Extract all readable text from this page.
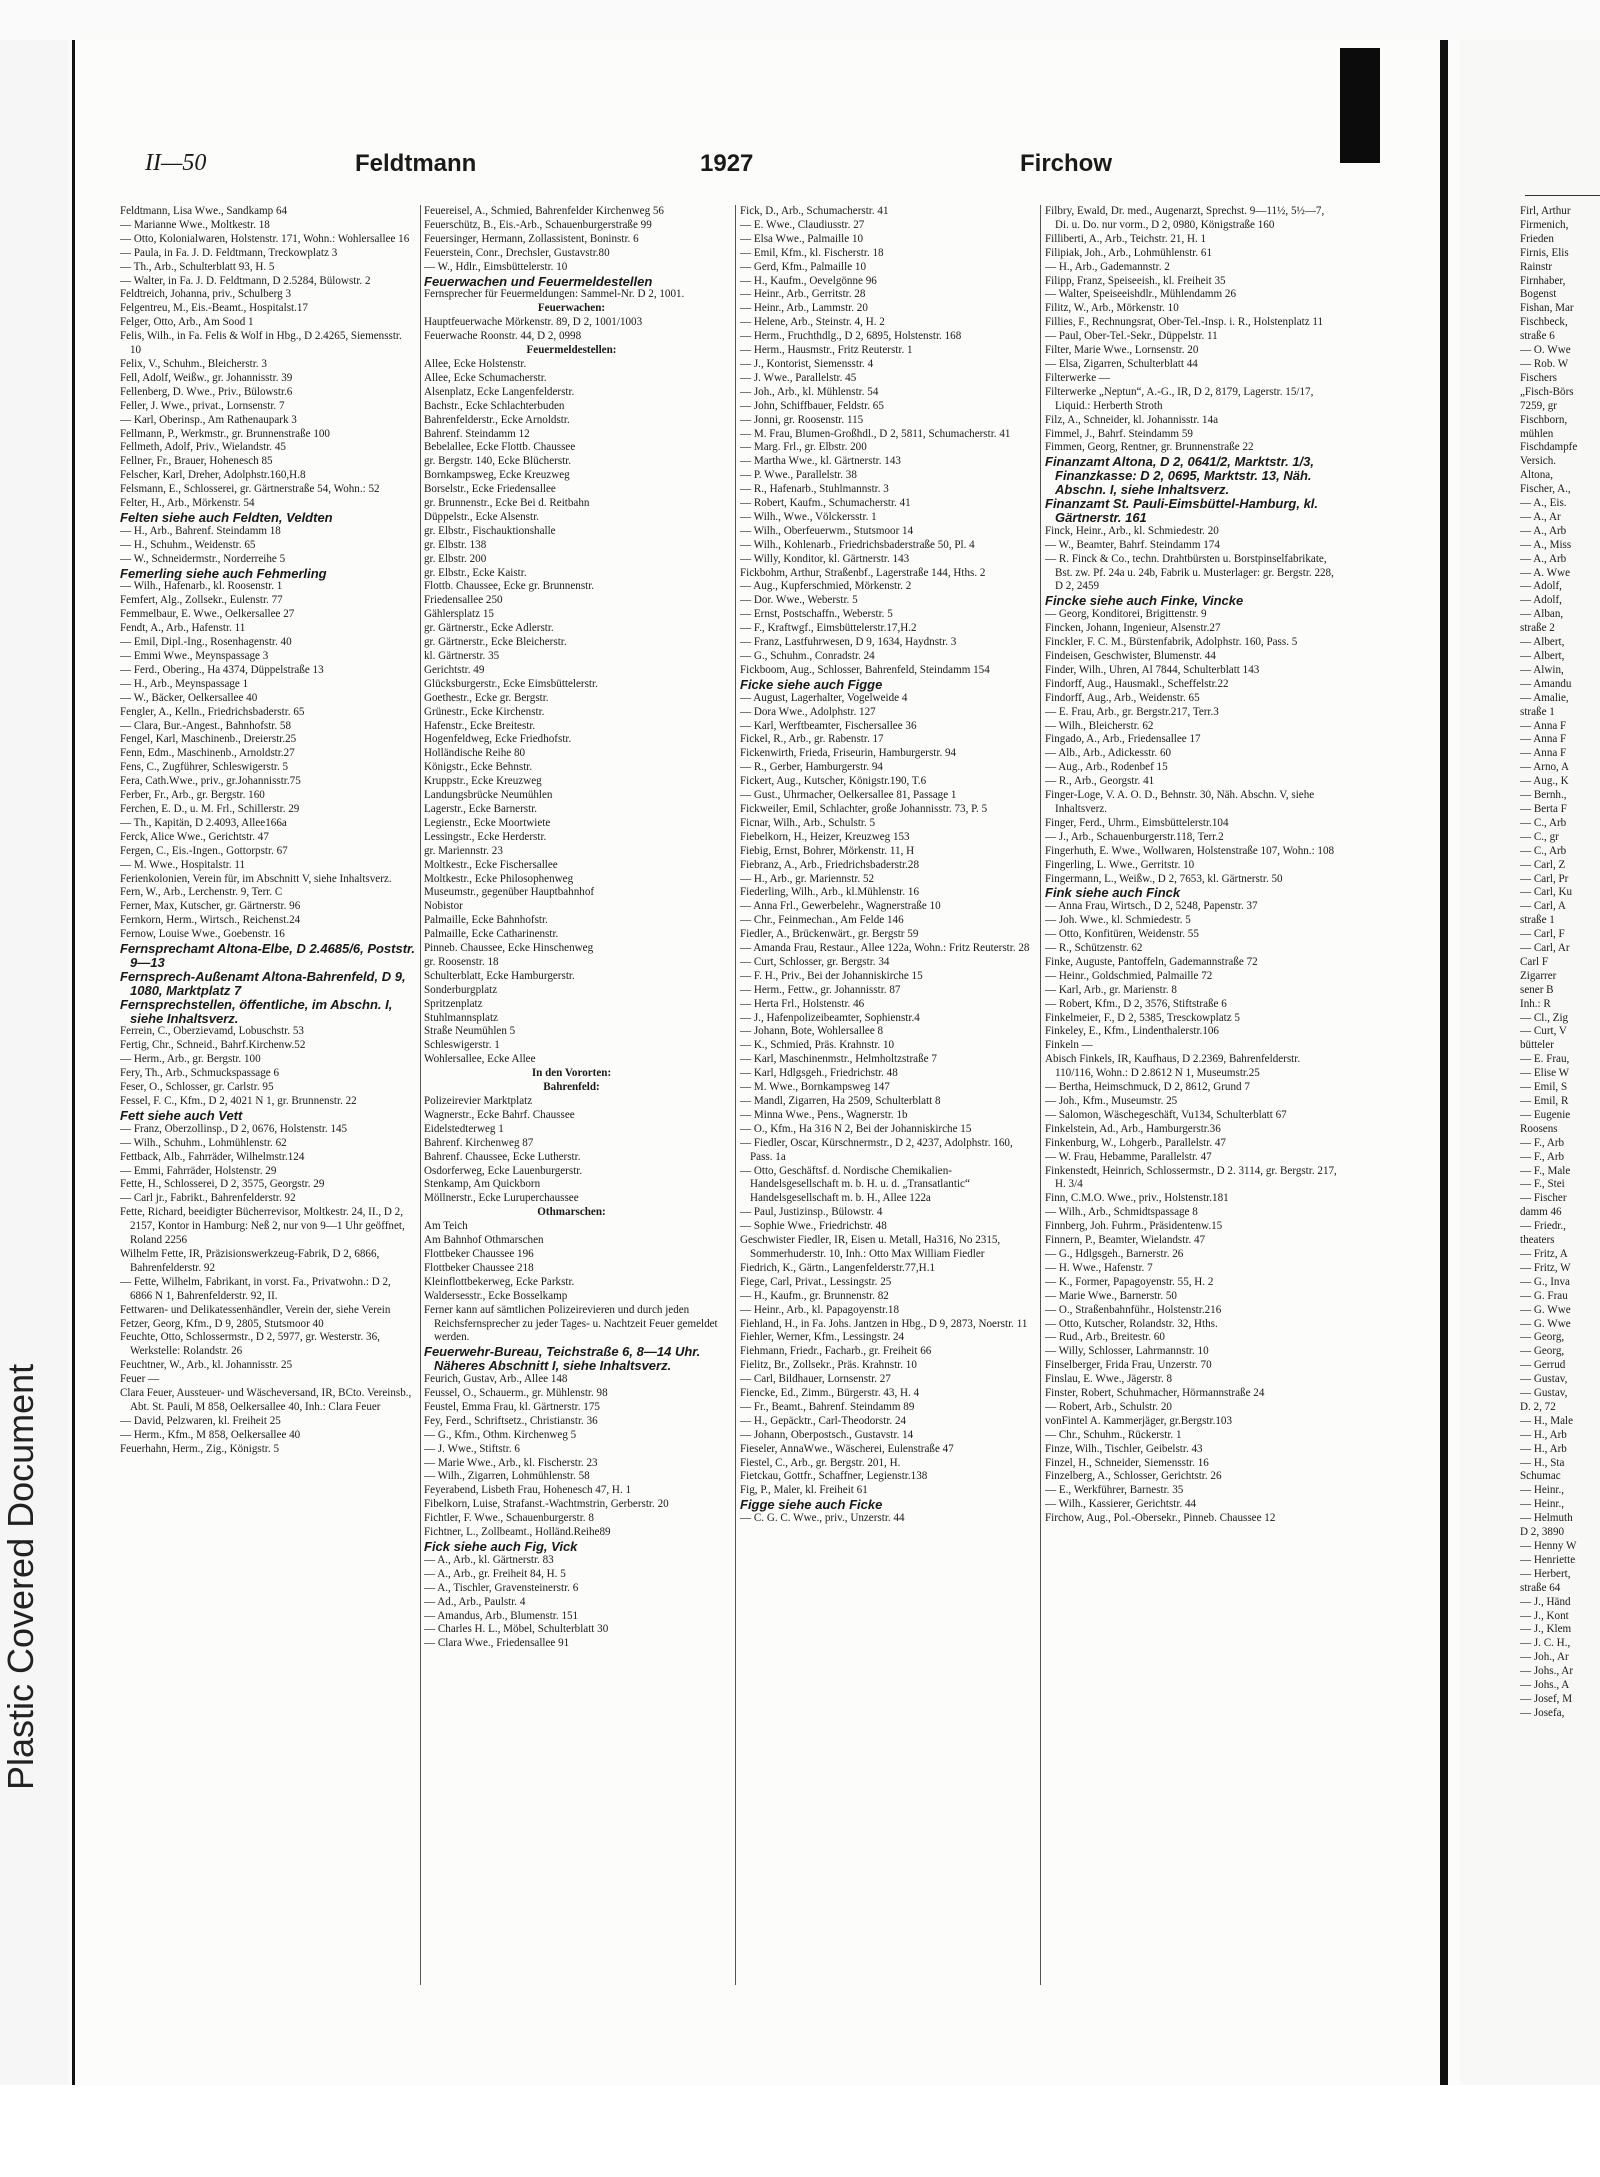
Plastic Covered Document
II—50	Feldtmann	1927	Firchow
Feldtmann, Lisa Wwe., Sandkamp 64
— Marianne Wwe., Moltkestr. 18
— Otto, Kolonialwaren, Holstenstr. 171, Wohn.: Wohlersallee 16
— Paula, in Fa. J. D. Feldtmann, Treckowplatz 3
— Th., Arb., Schulterblatt 93, H. 5
— Walter, in Fa. J. D. Feldtmann, D 2.5284, Bülowstr. 2
Feldtreich, Johanna, priv., Schulberg 3
Felgentreu, M., Eis.-Beamt., Hospitalst.17
Felger, Otto, Arb., Am Sood 1
Felis, Wilh., in Fa. Felis & Wolf in Hbg., D 2.4265, Siemensstr. 10
Felix, V., Schuhm., Bleicherstr. 3
Fell, Adolf, Weißw., gr. Johannisstr. 39
Fellenberg, D. Wwe., Priv., Bülowstr.6
Feller, J. Wwe., privat., Lornsenstr. 7
— Karl, Oberinsp., Am Rathenaupark 3
Fellmann, P., Werkmstr., gr. Brunnenstraße 100
Fellmeth, Adolf, Priv., Wielandstr. 45
Fellner, Fr., Brauer, Hohenesch 85
Felscher, Karl, Dreher, Adolphstr.160,H.8
Felsmann, E., Schlosserei, gr. Gärtnerstraße 54, Wohn.: 52
Felter, H., Arb., Mörkenstr. 54
Felten siehe auch Feldten, Veldten
— H., Arb., Bahrenf. Steindamm 18
— H., Schuhm., Weidenstr. 65
— W., Schneidermstr., Norderreihe 5
Femerling siehe auch Fehmerling
— Wilh., Hafenarb., kl. Roosenstr. 1
Femfert, Alg., Zollsekr., Eulenstr. 77
Femmelbaur, E. Wwe., Oelkersallee 27
Fendt, A., Arb., Hafenstr. 11
— Emil, Dipl.-Ing., Rosenhagenstr. 40
— Emmi Wwe., Meynspassage 3
— Ferd., Obering., Ha 4374, Düppelstraße 13
— H., Arb., Meynspassage 1
— W., Bäcker, Oelkersallee 40
Fengler, A., Kelln., Friedrichsbaderstr. 65
— Clara, Bur.-Angest., Bahnhofstr. 58
Fengel, Karl, Maschinenb., Dreierstr.25
Fenn, Edm., Maschinenb., Arnoldstr.27
Fens, C., Zugführer, Schleswigerstr. 5
Fera, Cath.Wwe., priv., gr.Johannisstr.75
Ferber, Fr., Arb., gr. Bergstr. 160
Ferchen, E. D., u. M. Frl., Schillerstr. 29
— Th., Kapitän, D 2.4093, Allee166a
Ferck, Alice Wwe., Gerichtstr. 47
Fergen, C., Eis.-Ingen., Gottorpstr. 67
— M. Wwe., Hospitalstr. 11
Ferienkolonien, Verein für, im Abschnitt V, siehe Inhaltsverz.
Fern, W., Arb., Lerchenstr. 9, Terr. C
Ferner, Max, Kutscher, gr. Gärtnerstr. 96
Fernkorn, Herm., Wirtsch., Reichenst.24
Fernow, Louise Wwe., Goebenstr. 16
Fernsprechamt Altona-Elbe, D 2.4685/6, Poststr. 9—13
Fernsprech-Außenamt Altona-Bahrenfeld, D 9, 1080, Marktplatz 7
Fernsprechstellen, öffentliche, im Abschn. I, siehe Inhaltsverz.
Ferrein, C., Oberzievamd, Lobuschstr. 53
Fertig, Chr., Schneid., Bahrf.Kirchenw.52
— Herm., Arb., gr. Bergstr. 100
Fery, Th., Arb., Schmuckspassage 6
Feser, O., Schlosser, gr. Carlstr. 95
Fessel, F. C., Kfm., D 2, 4021 N 1, gr. Brunnenstr. 22
Fett siehe auch Vett
— Franz, Oberzollinsp., D 2, 0676, Holstenstr. 145
— Wilh., Schuhm., Lohmühlenstr. 62
Fettback, Alb., Fahrräder, Wilhelmstr.124
— Emmi, Fahrräder, Holstenstr. 29
Fette, H., Schlosserei, D 2, 3575, Georgstr. 29
— Carl jr., Fabrikt., Bahrenfelderstr. 92
Fette, Richard, beeidigter Bücherrevisor, Moltkestr. 24, II., D 2, 2157, Kontor in Hamburg: Neß 2, nur von 9—1 Uhr geöffnet, Roland 2256
Wilhelm Fette, IR, Präzisionswerkzeug-Fabrik, D 2, 6866, Bahrenfelderstr. 92
— Fette, Wilhelm, Fabrikant, in vorst. Fa., Privatwohn.: D 2, 6866 N 1, Bahrenfelderstr. 92, II.
Fettwaren- und Delikatessenhändler, Verein der, siehe Verein
Fetzer, Georg, Kfm., D 9, 2805, Stutsmoor 40
Feuchte, Otto, Schlossermstr., D 2, 5977, gr. Westerstr. 36, Werkstelle: Rolandstr. 26
Feuchtner, W., Arb., kl. Johannisstr. 25
Feuer —
Clara Feuer, Aussteuer- und Wäscheversand, IR, BCto. Vereinsb., Abt. St. Pauli, M 858, Oelkersallee 40, Inh.: Clara Feuer
— David, Pelzwaren, kl. Freiheit 25
— Herm., Kfm., M 858, Oelkersallee 40
Feuerhahn, Herm., Zig., Königstr. 5
Feuereisel, A., Schmied, Bahrenfelder Kirchenweg 56
Feuerschütz, B., Eis.-Arb., Schauenburgerstraße 99
Feuersinger, Hermann, Zollassistent, Boninstr. 6
Feuerstein, Conr., Drechsler, Gustavstr.80
— W., Hdlr., Eimsbüttelerstr. 10
Feuerwachen und Feuermeldestellen
Fernsprecher für Feuermeldungen: Sammel-Nr. D 2, 1001.
Feuerwachen:
Hauptfeuerwache Mörkenstr. 89, D 2, 1001/1003
Feuerwache Roonstr. 44, D 2, 0998
Feuermeldestellen:
Allee, Ecke Holstenstr.
Allee, Ecke Schumacherstr.
Alsenplatz, Ecke Langenfelderstr.
Bachstr., Ecke Schlachterbuden
Bahrenfelderstr., Ecke Arnoldstr.
Bahrenf. Steindamm 12
Bebelallee, Ecke Flottb. Chaussee
gr. Bergstr. 140, Ecke Blücherstr.
Bornkampsweg, Ecke Kreuzweg
Borselstr., Ecke Friedensallee
gr. Brunnenstr., Ecke Bei d. Reitbahn
Düppelstr., Ecke Alsenstr.
gr. Elbstr., Fischauktionshalle
gr. Elbstr. 138
gr. Elbstr. 200
gr. Elbstr., Ecke Kaistr.
Flottb. Chaussee, Ecke gr. Brunnenstr.
Friedensallee 250
Gählersplatz 15
gr. Gärtnerstr., Ecke Adlerstr.
gr. Gärtnerstr., Ecke Bleicherstr.
kl. Gärtnerstr. 35
Gerichtstr. 49
Glücksburgerstr., Ecke Eimsbüttelerstr.
Goethestr., Ecke gr. Bergstr.
Grünestr., Ecke Kirchenstr.
Hafenstr., Ecke Breitestr.
Hogenfeldweg, Ecke Friedhofstr.
Holländische Reihe 80
Königstr., Ecke Behnstr.
Kruppstr., Ecke Kreuzweg
Landungsbrücke Neumühlen
Lagerstr., Ecke Barnerstr.
Legienstr., Ecke Moortwiete
Lessingstr., Ecke Herderstr.
gr. Mariennstr. 23
Moltkestr., Ecke Fischersallee
Moltkestr., Ecke Philosophenweg
Museumstr., gegenüber Hauptbahnhof
Nobistor
Palmaille, Ecke Bahnhofstr.
Palmaille, Ecke Catharinenstr.
Pinneb. Chaussee, Ecke Hinschenweg
gr. Roosenstr. 18
Schulterblatt, Ecke Hamburgerstr.
Sonderburgplatz
Spritzenplatz
Stuhlmannsplatz
Straße Neumühlen 5
Schleswigerstr. 1
Wohlersallee, Ecke Allee
In den Vororten:
Bahrenfeld:
Polizeirevier Marktplatz
Wagnerstr., Ecke Bahrf. Chaussee
Eidelstedterweg 1
Bahrenf. Kirchenweg 87
Bahrenf. Chaussee, Ecke Lutherstr.
Osdorferweg, Ecke Lauenburgerstr.
Stenkamp, Am Quickborn
Möllnerstr., Ecke Luruperchaussee
Othmarschen:
Am Teich
Am Bahnhof Othmarschen
Flottbeker Chaussee 196
Flottbeker Chaussee 218
Kleinflottbekerweg, Ecke Parkstr.
Waldersesstr., Ecke Bosselkamp
Ferner kann auf sämtlichen Polizeirevieren und durch jeden Reichsfernsprecher zu jeder Tages- u. Nachtzeit Feuer gemeldet werden.
Feuerwehr-Bureau, Teichstraße 6, 8—14 Uhr. Näheres Abschnitt I, siehe Inhaltsverz.
Feurich, Gustav, Arb., Allee 148
Feussel, O., Schauerm., gr. Mühlenstr. 98
Feustel, Emma Frau, kl. Gärtnerstr. 175
Fey, Ferd., Schriftsetz., Christianstr. 36
— G., Kfm., Othm. Kirchenweg 5
— J. Wwe., Stiftstr. 6
— Marie Wwe., Arb., kl. Fischerstr. 23
— Wilh., Zigarren, Lohmühlenstr. 58
Feyerabend, Lisbeth Frau, Hohenesch 47, H. 1
Fibelkorn, Luise, Strafanst.-Wachtmstrin, Gerberstr. 20
Fichtler, F. Wwe., Schauenburgerstr. 8
Fichtner, L., Zollbeamt., Holländ.Reihe89
Fick siehe auch Fig, Vick
— A., Arb., kl. Gärtnerstr. 83
— A., Arb., gr. Freiheit 84, H. 5
— A., Tischler, Gravensteinerstr. 6
— Ad., Arb., Paulstr. 4
— Amandus, Arb., Blumenstr. 151
— Charles H. L., Möbel, Schulterblatt 30
— Clara Wwe., Friedensallee 91
Fick, D., Arb., Schumacherstr. 41
— E. Wwe., Claudiusstr. 27
— Elsa Wwe., Palmaille 10
— Emil, Kfm., kl. Fischerstr. 18
— Gerd, Kfm., Palmaille 10
— H., Kaufm., Oevelgönne 96
— Heinr., Arb., Gerritstr. 28
— Heinr., Arb., Lammstr. 20
— Helene, Arb., Steinstr. 4, H. 2
— Herm., Fruchthdlg., D 2, 6895, Holstenstr. 168
— Herm., Hausmstr., Fritz Reuterstr. 1
— J., Kontorist, Siemensstr. 4
— J. Wwe., Parallelstr. 45
— Joh., Arb., kl. Mühlenstr. 54
— John, Schiffbauer, Feldstr. 65
— Jonni, gr. Roosenstr. 115
— M. Frau, Blumen-Großhdl., D 2, 5811, Schumacherstr. 41
— Marg. Frl., gr. Elbstr. 200
— Martha Wwe., kl. Gärtnerstr. 143
— P. Wwe., Parallelstr. 38
— R., Hafenarb., Stuhlmannstr. 3
— Robert, Kaufm., Schumacherstr. 41
— Wilh., Wwe., Völckersstr. 1
— Wilh., Oberfeuerwm., Stutsmoor 14
— Wilh., Kohlenarb., Friedrichsbaderstraße 50, Pl. 4
— Willy, Konditor, kl. Gärtnerstr. 143
Fickbohm, Arthur, Straßenbf., Lagerstraße 144, Hths. 2
— Aug., Kupferschmied, Mörkenstr. 2
— Dor. Wwe., Weberstr. 5
— Ernst, Postschaffn., Weberstr. 5
— F., Kraftwgf., Eimsbüttelerstr.17,H.2
— Franz, Lastfuhrwesen, D 9, 1634, Haydnstr. 3
— G., Schuhm., Conradstr. 24
Fickboom, Aug., Schlosser, Bahrenfeld, Steindamm 154
Ficke siehe auch Figge
— August, Lagerhalter, Vogelweide 4
— Dora Wwe., Adolphstr. 127
— Karl, Werftbeamter, Fischersallee 36
Fickel, R., Arb., gr. Rabenstr. 17
Fickenwirth, Frieda, Friseurin, Hamburgerstr. 94
— R., Gerber, Hamburgerstr. 94
Fickert, Aug., Kutscher, Königstr.190, T.6
— Gust., Uhrmacher, Oelkersallee 81, Passage 1
Fickweiler, Emil, Schlachter, große Johannisstr. 73, P. 5
Ficnar, Wilh., Arb., Schulstr. 5
Fiebelkorn, H., Heizer, Kreuzweg 153
Fiebig, Ernst, Bohrer, Mörkenstr. 11, H
Fiebranz, A., Arb., Friedrichsbaderstr.28
— H., Arb., gr. Mariennstr. 52
Fiederling, Wilh., Arb., kl.Mühlenstr. 16
— Anna Frl., Gewerbelehr., Wagnerstraße 10
— Chr., Feinmechan., Am Felde 146
Fiedler, A., Brückenwärt., gr. Bergstr 59
— Amanda Frau, Restaur., Allee 122a, Wohn.: Fritz Reuterstr. 28
— Curt, Schlosser, gr. Bergstr. 34
— F. H., Priv., Bei der Johanniskirche 15
— Herm., Fettw., gr. Johannisstr. 87
— Herta Frl., Holstenstr. 46
— J., Hafenpolizeibeamter, Sophienstr.4
— Johann, Bote, Wohlersallee 8
— K., Schmied, Präs. Krahnstr. 10
— Karl, Maschinenmstr., Helmholtzstraße 7
— Karl, Hdlgsgeh., Friedrichstr. 48
— M. Wwe., Bornkampsweg 147
— Mandl, Zigarren, Ha 2509, Schulterblatt 8
— Minna Wwe., Pens., Wagnerstr. 1b
— O., Kfm., Ha 316 N 2, Bei der Johanniskirche 15
— Fiedler, Oscar, Kürschnermstr., D 2, 4237, Adolphstr. 160, Pass. 1a
— Otto, Geschäftsf. d. Nordische Chemikalien-Handelsgesellschaft m. b. H. u. d. „Transatlantic“ Handelsgesellschaft m. b. H., Allee 122a
— Paul, Justizinsp., Bülowstr. 4
— Sophie Wwe., Friedrichstr. 48
Geschwister Fiedler, IR, Eisen u. Metall, Ha316, No 2315, Sommerhuderstr. 10, Inh.: Otto Max William Fiedler
Fiedrich, K., Gärtn., Langenfelderstr.77,H.1
Fiege, Carl, Privat., Lessingstr. 25
— H., Kaufm., gr. Brunnenstr. 82
— Heinr., Arb., kl. Papagoyenstr.18
Fiehland, H., in Fa. Johs. Jantzen in Hbg., D 9, 2873, Noerstr. 11
Fiehler, Werner, Kfm., Lessingstr. 24
Fiehmann, Friedr., Facharb., gr. Freiheit 66
Fielitz, Br., Zollsekr., Präs. Krahnstr. 10
— Carl, Bildhauer, Lornsenstr. 27
Fiencke, Ed., Zimm., Bürgerstr. 43, H. 4
— Fr., Beamt., Bahrenf. Steindamm 89
— H., Gepäcktr., Carl-Theodorstr. 24
— Johann, Oberpostsch., Gustavstr. 14
Fieseler, AnnaWwe., Wäscherei, Eulenstraße 47
Fiestel, C., Arb., gr. Bergstr. 201, H.
Fietckau, Gottfr., Schaffner, Legienstr.138
Fig, P., Maler, kl. Freiheit 61
Figge siehe auch Ficke
— C. G. C. Wwe., priv., Unzerstr. 44
Filbry, Ewald, Dr. med., Augenarzt, Sprechst. 9—11½, 5½—7, Di. u. Do. nur vorm., D 2, 0980, Königstraße 160
Filliberti, A., Arb., Teichstr. 21, H. 1
Filipiak, Joh., Arb., Lohmühlenstr. 61
— H., Arb., Gademannstr. 2
Filipp, Franz, Speiseeish., kl. Freiheit 35
— Walter, Speiseeishdlr., Mühlendamm 26
Filitz, W., Arb., Mörkenstr. 10
Fillies, F., Rechnungsrat, Ober-Tel.-Insp. i. R., Holstenplatz 11
— Paul, Ober-Tel.-Sekr., Düppelstr. 11
Filter, Marie Wwe., Lornsenstr. 20
— Elsa, Zigarren, Schulterblatt 44
Filterwerke —
Filterwerke „Neptun“, A.-G., IR, D 2, 8179, Lagerstr. 15/17, Liquid.: Herberth Stroth
Filz, A., Schneider, kl. Johannisstr. 14a
Fimmel, J., Bahrf. Steindamm 59
Fimmen, Georg, Rentner, gr. Brunnenstraße 22
Finanzamt Altona, D 2, 0641/2, Marktstr. 1/3, Finanzkasse: D 2, 0695, Marktstr. 13, Näh. Abschn. I, siehe Inhaltsverz.
Finanzamt St. Pauli-Eimsbüttel-Hamburg, kl. Gärtnerstr. 161
Finck, Heinr., Arb., kl. Schmiedestr. 20
— W., Beamter, Bahrf. Steindamm 174
— R. Finck & Co., techn. Drahtbürsten u. Borstpinselfabrikate, Bst. zw. Pf. 24a u. 24b, Fabrik u. Musterlager: gr. Bergstr. 228, D 2, 2459
Fincke siehe auch Finke, Vincke
— Georg, Konditorei, Brigittenstr. 9
Fincken, Johann, Ingenieur, Alsenstr.27
Finckler, F. C. M., Bürstenfabrik, Adolphstr. 160, Pass. 5
Findeisen, Geschwister, Blumenstr. 44
Finder, Wilh., Uhren, Al 7844, Schulterblatt 143
Findorff, Aug., Hausmakl., Scheffelstr.22
Findorff, Aug., Arb., Weidenstr. 65
— E. Frau, Arb., gr. Bergstr.217, Terr.3
— Wilh., Bleicherstr. 62
Fingado, A., Arb., Friedensallee 17
— Alb., Arb., Adickesstr. 60
— Aug., Arb., Rodenbef 15
— R., Arb., Georgstr. 41
Finger-Loge, V. A. O. D., Behnstr. 30, Näh. Abschn. V, siehe Inhaltsverz.
Finger, Ferd., Uhrm., Eimsbüttelerstr.104
— J., Arb., Schauenburgerstr.118, Terr.2
Fingerhuth, E. Wwe., Wollwaren, Holstenstraße 107, Wohn.: 108
Fingerling, L. Wwe., Gerritstr. 10
Fingermann, L., Weißw., D 2, 7653, kl. Gärtnerstr. 50
Fink siehe auch Finck
— Anna Frau, Wirtsch., D 2, 5248, Papenstr. 37
— Joh. Wwe., kl. Schmiedestr. 5
— Otto, Konfitüren, Weidenstr. 55
— R., Schützenstr. 62
Finke, Auguste, Pantoffeln, Gademannstraße 72
— Heinr., Goldschmied, Palmaille 72
— Karl, Arb., gr. Marienstr. 8
— Robert, Kfm., D 2, 3576, Stiftstraße 6
Finkelmeier, F., D 2, 5385, Tresckowplatz 5
Finkeley, E., Kfm., Lindenthalerstr.106
Finkeln —
Abisch Finkels, IR, Kaufhaus, D 2.2369, Bahrenfelderstr. 110/116, Wohn.: D 2.8612 N 1, Museumstr.25
— Bertha, Heimschmuck, D 2, 8612, Grund 7
— Joh., Kfm., Museumstr. 25
— Salomon, Wäschegeschäft, Vu134, Schulterblatt 67
Finkelstein, Ad., Arb., Hamburgerstr.36
Finkenburg, W., Lohgerb., Parallelstr. 47
— W. Frau, Hebamme, Parallelstr. 47
Finkenstedt, Heinrich, Schlossermstr., D 2. 3114, gr. Bergstr. 217, H. 3/4
Finn, C.M.O. Wwe., priv., Holstenstr.181
— Wilh., Arb., Schmidtspassage 8
Finnberg, Joh. Fuhrm., Präsidentenw.15
Finnern, P., Beamter, Wielandstr. 47
— G., Hdlgsgeh., Barnerstr. 26
— H. Wwe., Hafenstr. 7
— K., Former, Papagoyenstr. 55, H. 2
— Marie Wwe., Barnerstr. 50
— O., Straßenbahnführ., Holstenstr.216
— Otto, Kutscher, Rolandstr. 32, Hths.
— Rud., Arb., Breitestr. 60
— Willy, Schlosser, Lahrmannstr. 10
Finselberger, Frida Frau, Unzerstr. 70
Finslau, E. Wwe., Jägerstr. 8
Finster, Robert, Schuhmacher, Hörmannstraße 24
— Robert, Arb., Schulstr. 20
vonFintel A. Kammerjäger, gr.Bergstr.103
— Chr., Schuhm., Rückerstr. 1
Finze, Wilh., Tischler, Geibelstr. 43
Finzel, H., Schneider, Siemensstr. 16
Finzelberg, A., Schlosser, Gerichtstr. 26
— E., Werkführer, Barnestr. 35
— Wilh., Kassierer, Gerichtstr. 44
Firchow, Aug., Pol.-Obersekr., Pinneb. Chaussee 12
Firl, Arthur
Firmenich,
Frieden
Firnis, Elis
Rainstr
Firnhaber,
Bogenst
Fishan, Mar
Fischbeck,
straße 6
— O. Wwe
— Rob. W
Fischers
„Fisch-Börs
7259, gr
Fischborn,
mühlen
Fischdampfe
Versich.
Altona,
Fischer, A.,
— A., Eis.
— A., Ar
— A., Arb
— A., Miss
— A., Arb
— A. Wwe
— Adolf,
— Adolf,
— Alban,
straße 2
— Albert,
— Albert,
— Alwin,
— Amandu
— Amalie,
straße 1
— Anna F
— Anna F
— Anna F
— Arno, A
— Aug., K
— Bernh.,
— Berta F
— C., Arb
— C., gr
— C., Arb
— Carl, Z
— Carl, Pr
— Carl, Ku
— Carl, A
straße 1
— Carl, F
— Carl, Ar
Carl F
Zigarrer
sener B
Inh.: R
— Cl., Zig
— Curt, V
bütteler
— E. Frau,
— Elise W
— Emil, S
— Emil, R
— Eugenie
Roosens
— F., Arb
— F., Arb
— F., Male
— F., Stei
— Fischer
damm 46
— Friedr.,
theaters
— Fritz, A
— Fritz, W
— G., Inva
— G. Frau
— G. Wwe
— G. Wwe
— Georg,
— Georg,
— Gerrud
— Gustav,
— Gustav,
D. 2, 72
— H., Male
— H., Arb
— H., Arb
— H., Sta
Schumac
— Heinr.,
— Heinr.,
— Helmuth
D 2, 3890
— Henny W
— Henriette
— Herbert,
straße 64
— J., Händ
— J., Kont
— J., Klem
— J. C. H.,
— Joh., Ar
— Johs., Ar
— Johs., A
— Josef, M
— Josefa,
